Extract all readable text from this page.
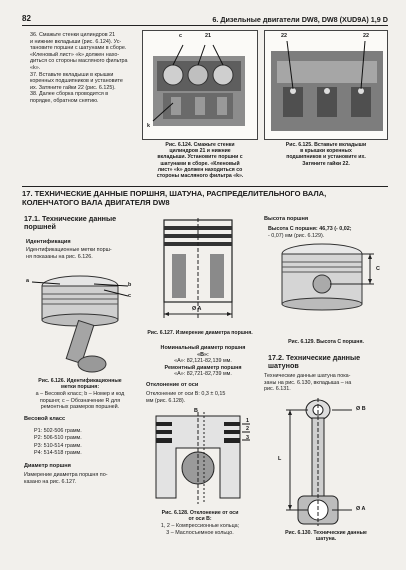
82	6. Дизельные двигатели DW8, DW8 (XUD9A) 1,9 D
36. Смажьте стенки цилиндров 21
и нижние вкладыши (рис. 6.124). Ус-
тановите поршни с шатунами в сборе.
«Кленовый лист» «k» должен нахо-
диться со стороны масляного фильтра
«k».
37. Вставьте вкладыши в крышки
коренных подшипников и установите
их. Затяните гайки 22 (рис. 6.125).
38. Далее сборка проводится в
порядке, обратном снятию.
c	21
k
Рис. 6.124. Смажьте стенки
цилиндров 21 и нижние
вкладыши. Установите поршни с
шатунами в сборе. «Кленовый
лист» «k» должен находиться со
стороны масляного фильтра «k».
22	22
Рис. 6.125. Вставьте вкладыши
в крышки коренных
подшипников и установите их.
Затяните гайки 22.
17. ТЕХНИЧЕСКИЕ ДАННЫЕ ПОРШНЯ, ШАТУНА, РАСПРЕДЕЛИТЕЛЬНОГО ВАЛА,
КОЛЕНЧАТОГО ВАЛА ДВИГАТЕЛЯ DW8
17.1. Технические данные
поршней
Идентификация
Идентификационные метки порш-
ня показаны на рис. 6.126.
a
b
c
Рис. 6.126. Идентификационные
метки поршня:
a – Весовой класс; b – Номер и код
поршня; c – Обозначение R для
ремонтных размеров поршней.
Весовой класс
P1: 502-506 грамм.
P2: 506-510 грамм.
P3: 510-514 грамм.
P4: 514-518 грамм.
Диаметр поршня
Измерение диаметра поршня по-
казано на рис. 6.127.
Ø A
Рис. 6.127. Измерение диаметра поршня.
Номинальный диаметр поршня
«В»:
«A»: 82,121-82,139 мм.
Ремонтный диаметр поршня
«A»: 82,721-82,739 мм.
Отклонение от оси
Отклонение от оси B: 0,3 ± 0,15
мм (рис. 6.128).
1
2
3
B
Рис. 6.128. Отклонение от оси
от оси B:
1, 2 – Компрессионные кольца;
3 – Маслосъемное кольцо.
Высота поршня
Высота C поршня: 46,73 (- 0,02;
- 0,07) мм (рис. 6.129).
C
Рис. 6.129. Высота C поршня.
17.2. Технические данные
шатунов
Технические данные шатуна пока-
заны на рис. 6.130, вкладыша – на
рис. 6.131.
Ø B
L
Ø A
Рис. 6.130. Технические данные
шатуна.
